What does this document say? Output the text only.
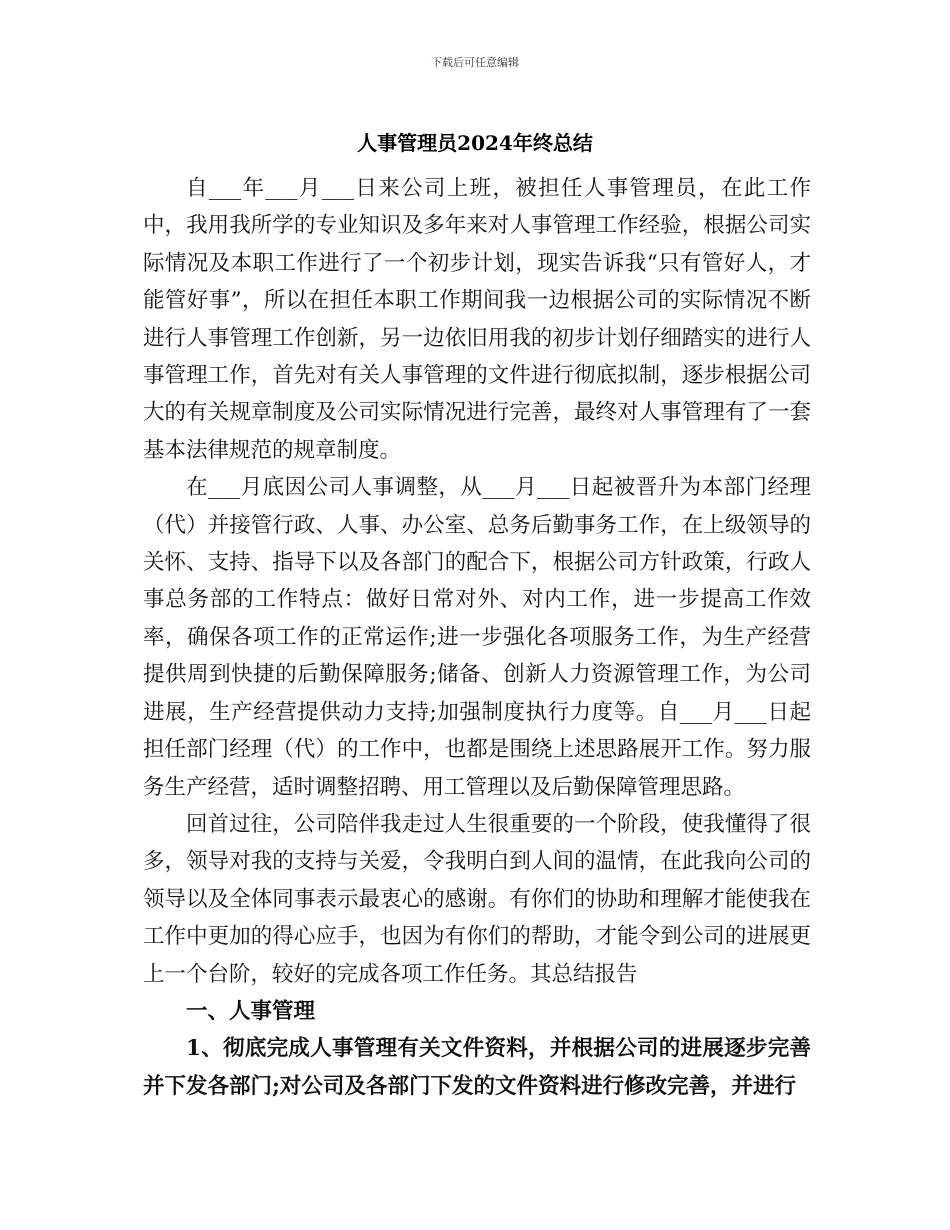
下载后可任意编辑
人事管理员2024年终总结

自___年___月___日来公司上班，被担任人事管理员，在此工作中，我用我所学的专业知识及多年来对人事管理工作经验，根据公司实际情况及本职工作进行了一个初步计划，现实告诉我“只有管好人，才能管好事”，所以在担任本职工作期间我一边根据公司的实际情况不断进行人事管理工作创新，另一边依旧用我的初步计划仔细踏实的进行人事管理工作，首先对有关人事管理的文件进行彻底拟制，逐步根据公司大的有关规章制度及公司实际情况进行完善，最终对人事管理有了一套基本法律规范的规章制度。

在___月底因公司人事调整，从___月___日起被晋升为本部门经理（代）并接管行政、人事、办公室、总务后勤事务工作，在上级领导的关怀、支持、指导下以及各部门的配合下，根据公司方针政策，行政人事总务部的工作特点：做好日常对外、对内工作，进一步提高工作效率，确保各项工作的正常运作;进一步强化各项服务工作，为生产经营提供周到快捷的后勤保障服务;储备、创新人力资源管理工作，为公司进展，生产经营提供动力支持;加强制度执行力度等。自___月___日起担任部门经理（代）的工作中，也都是围绕上述思路展开工作。努力服务生产经营，适时调整招聘、用工管理以及后勤保障管理思路。

回首过往，公司陪伴我走过人生很重要的一个阶段，使我懂得了很多，领导对我的支持与关爱，令我明白到人间的温情，在此我向公司的领导以及全体同事表示最衷心的感谢。有你们的协助和理解才能使我在工作中更加的得心应手，也因为有你们的帮助，才能令到公司的进展更上一个台阶，较好的完成各项工作任务。其总结报告

一、人事管理

1、彻底完成人事管理有关文件资料，并根据公司的进展逐步完善并下发各部门;对公司及各部门下发的文件资料进行修改完善，并进行
